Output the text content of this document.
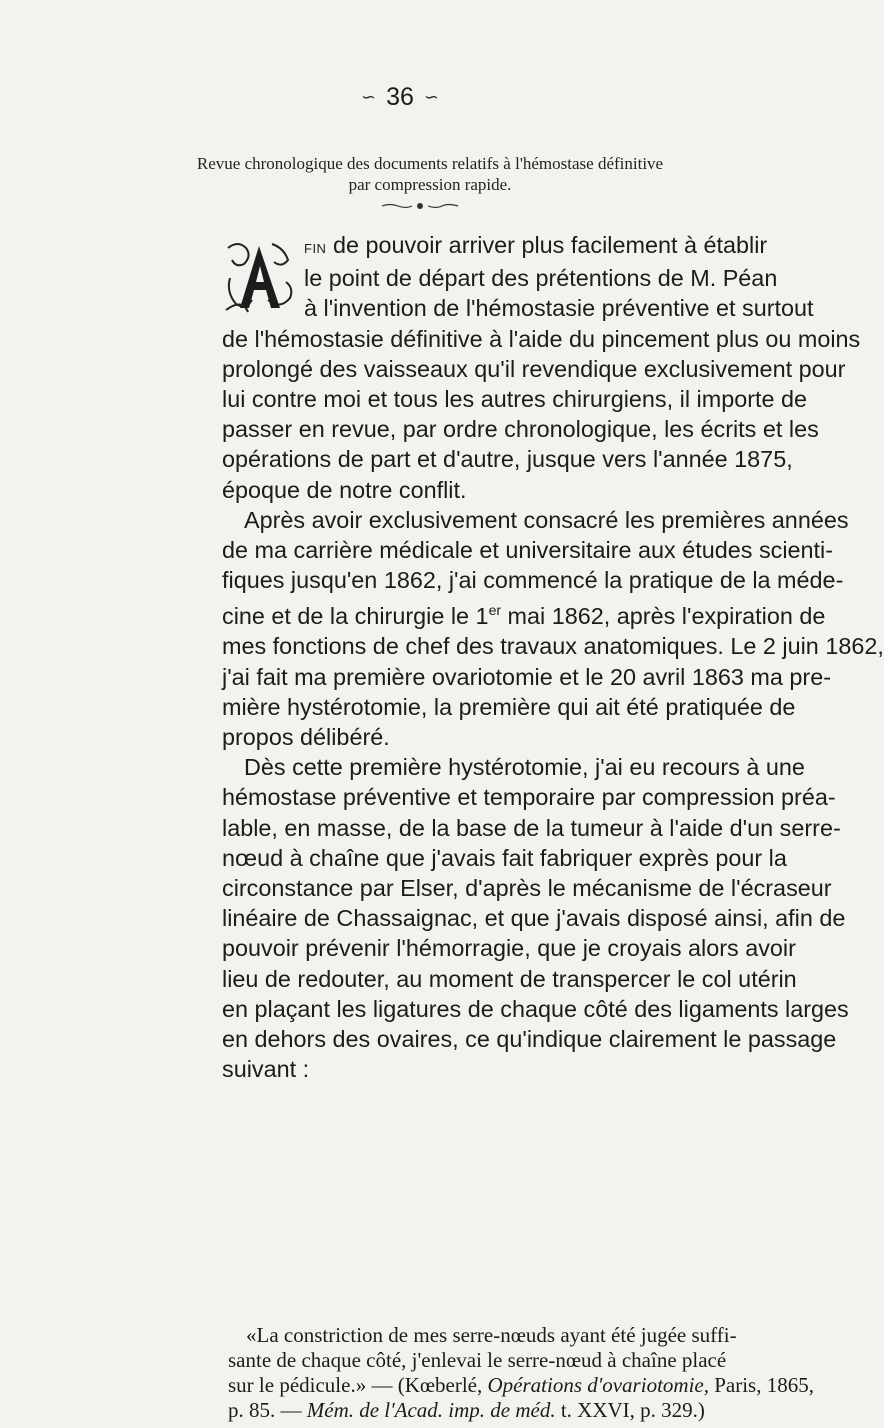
∽ 36 ∽
Revue chronologique des documents relatifs à l'hémostase définitive
par compression rapide.
fin de pouvoir arriver plus facilement à établir
le point de départ des prétentions de M. Péan
à l'invention de l'hémostasie préventive et surtout
de l'hémostasie définitive à l'aide du pincement plus ou moins
prolongé des vaisseaux qu'il revendique exclusivement pour
lui contre moi et tous les autres chirurgiens, il importe de
passer en revue, par ordre chronologique, les écrits et les
opérations de part et d'autre, jusque vers l'année 1875,
époque de notre conflit.
Après avoir exclusivement consacré les premières années
de ma carrière médicale et universitaire aux études scienti-
fiques jusqu'en 1862, j'ai commencé la pratique de la méde-
cine et de la chirurgie le 1er mai 1862, après l'expiration de
mes fonctions de chef des travaux anatomiques. Le 2 juin 1862,
j'ai fait ma première ovariotomie et le 20 avril 1863 ma pre-
mière hystérotomie, la première qui ait été pratiquée de
propos délibéré.
Dès cette première hystérotomie, j'ai eu recours à une
hémostase préventive et temporaire par compression préa-
lable, en masse, de la base de la tumeur à l'aide d'un serre-
nœud à chaîne que j'avais fait fabriquer exprès pour la
circonstance par Elser, d'après le mécanisme de l'écraseur
linéaire de Chassaignac, et que j'avais disposé ainsi, afin de
pouvoir prévenir l'hémorragie, que je croyais alors avoir
lieu de redouter, au moment de transpercer le col utérin
en plaçant les ligatures de chaque côté des ligaments larges
en dehors des ovaires, ce qu'indique clairement le passage
suivant :
«La constriction de mes serre-nœuds ayant été jugée suffi-
sante de chaque côté, j'enlevai le serre-nœud à chaîne placé
sur le pédicule.» — (Kœberlé, Opérations d'ovariotomie, Paris, 1865,
p. 85. — Mém. de l'Acad. imp. de méd. t. XXVI, p. 329.)
